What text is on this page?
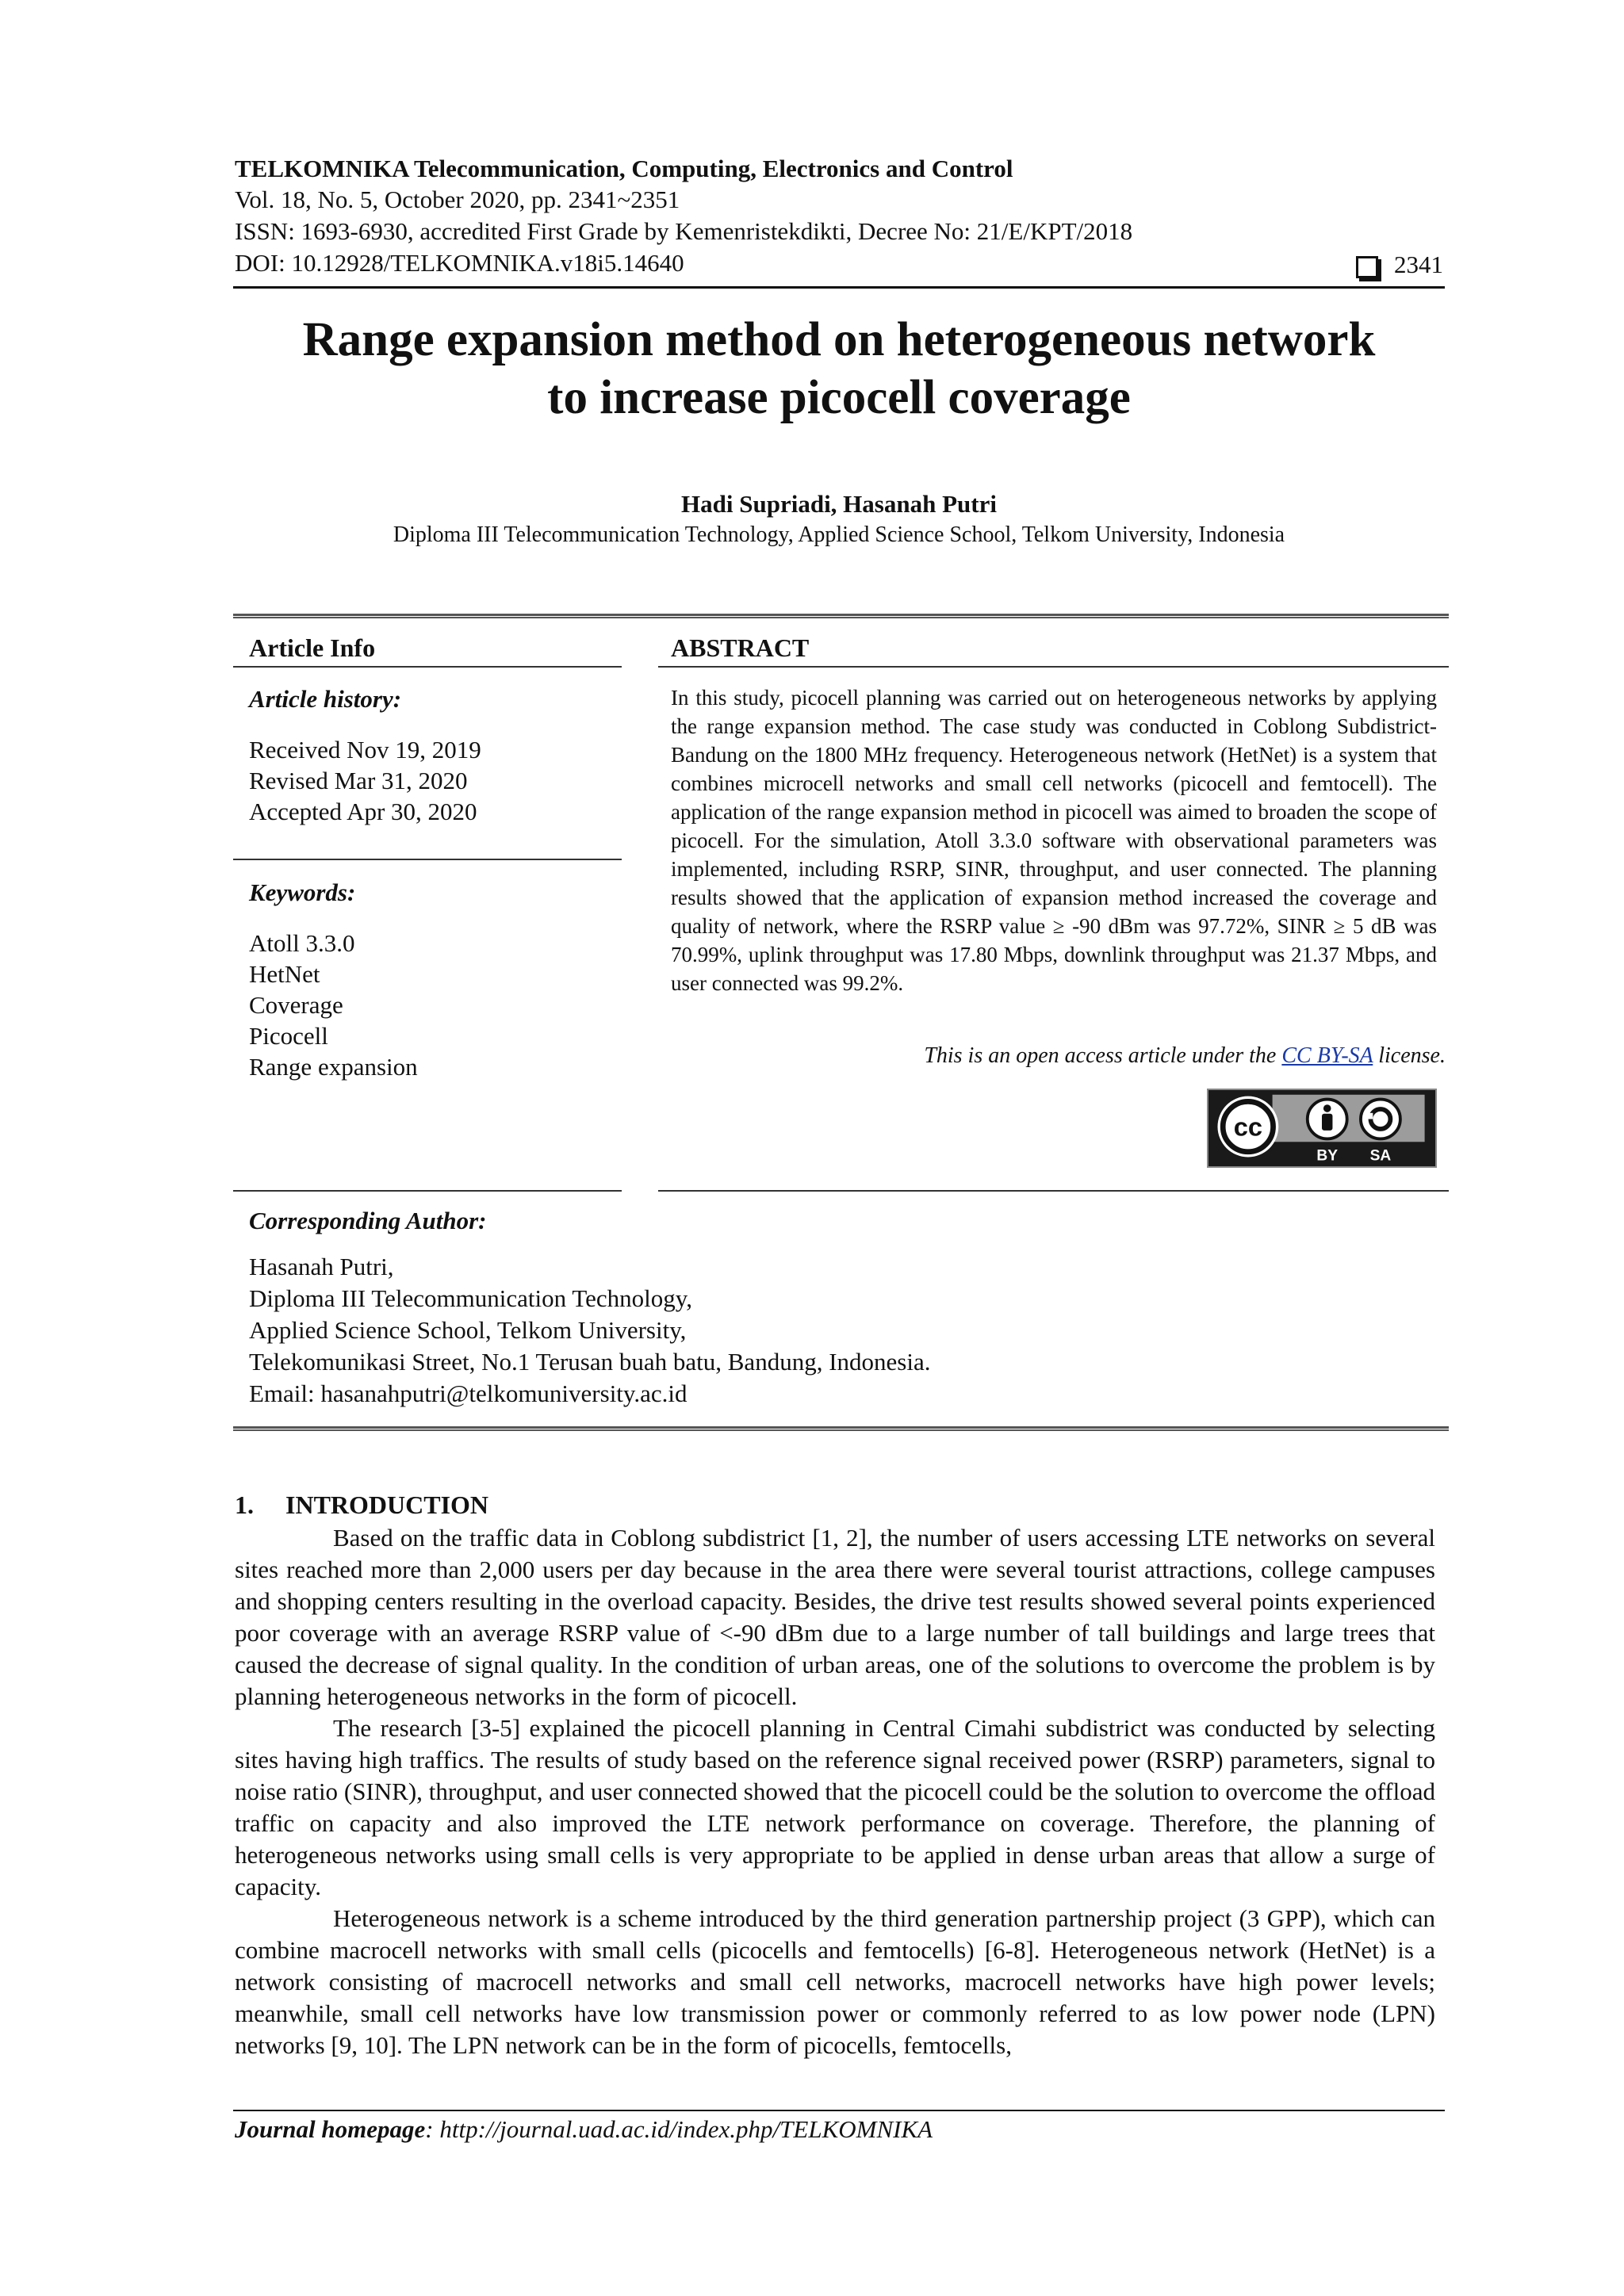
TELKOMNIKA Telecommunication, Computing, Electronics and Control
Vol. 18, No. 5, October 2020, pp. 2341~2351
ISSN: 1693-6930, accredited First Grade by Kemenristekdikti, Decree No: 21/E/KPT/2018
DOI: 10.12928/TELKOMNIKA.v18i5.14640	2341
Range expansion method on heterogeneous network
to increase picocell coverage
Hadi Supriadi, Hasanah Putri
Diploma III Telecommunication Technology, Applied Science School, Telkom University, Indonesia
Article Info
Article history:
Received Nov 19, 2019
Revised Mar 31, 2020
Accepted Apr 30, 2020
Keywords:
Atoll 3.3.0
HetNet
Coverage
Picocell
Range expansion
ABSTRACT
In this study, picocell planning was carried out on heterogeneous networks by applying the range expansion method. The case study was conducted in Coblong Subdistrict-Bandung on the 1800 MHz frequency. Heterogeneous network (HetNet) is a system that combines microcell networks and small cell networks (picocell and femtocell). The application of the range expansion method in picocell was aimed to broaden the scope of picocell. For the simulation, Atoll 3.3.0 software with observational parameters was implemented, including RSRP, SINR, throughput, and user connected. The planning results showed that the application of expansion method increased the coverage and quality of network, where the RSRP value ≥ -90 dBm was 97.72%, SINR ≥ 5 dB was 70.99%, uplink throughput was 17.80 Mbps, downlink throughput was 21.37 Mbps, and user connected was 99.2%.
This is an open access article under the CC BY-SA license.
cc
BY SA
Corresponding Author:
Hasanah Putri,
Diploma III Telecommunication Technology,
Applied Science School, Telkom University,
Telekomunikasi Street, No.1 Terusan buah batu, Bandung, Indonesia.
Email: hasanahputri@telkomuniversity.ac.id
1. INTRODUCTION

Based on the traffic data in Coblong subdistrict [1, 2], the number of users accessing LTE networks on several sites reached more than 2,000 users per day because in the area there were several tourist attractions, college campuses and shopping centers resulting in the overload capacity. Besides, the drive test results showed several points experienced poor coverage with an average RSRP value of <-90 dBm due to a large number of tall buildings and large trees that caused the decrease of signal quality. In the condition of urban areas, one of the solutions to overcome the problem is by planning heterogeneous networks in the form of picocell.

The research [3-5] explained the picocell planning in Central Cimahi subdistrict was conducted by selecting sites having high traffics. The results of study based on the reference signal received power (RSRP) parameters, signal to noise ratio (SINR), throughput, and user connected showed that the picocell could be the solution to overcome the offload traffic on capacity and also improved the LTE network performance on coverage. Therefore, the planning of heterogeneous networks using small cells is very appropriate to be applied in dense urban areas that allow a surge of capacity.

Heterogeneous network is a scheme introduced by the third generation partnership project (3 GPP), which can combine macrocell networks with small cells (picocells and femtocells) [6-8]. Heterogeneous network (HetNet) is a network consisting of macrocell networks and small cell networks, macrocell networks have high power levels; meanwhile, small cell networks have low transmission power or commonly referred to as low power node (LPN) networks [9, 10]. The LPN network can be in the form of picocells, femtocells,

Journal homepage: http://journal.uad.ac.id/index.php/TELKOMNIKA
